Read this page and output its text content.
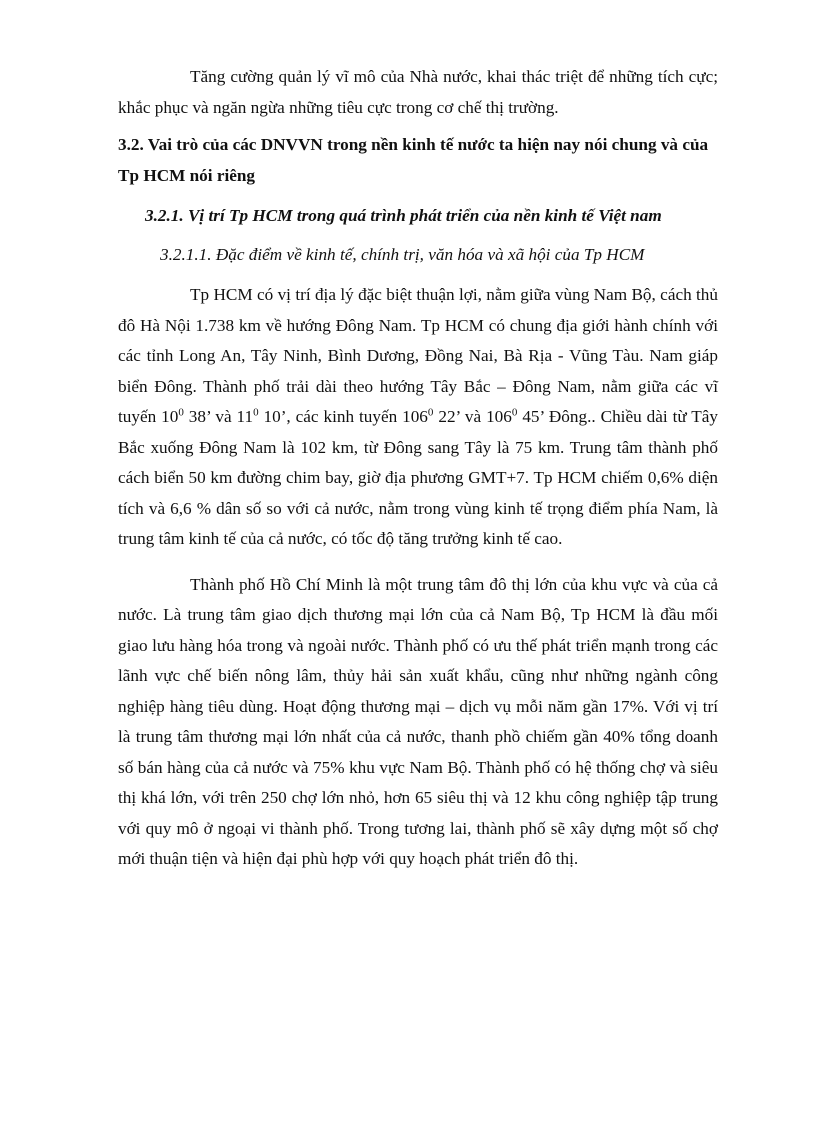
Tăng cường quản lý vĩ mô của Nhà nước, khai thác triệt để những tích cực; khắc phục và ngăn ngừa những tiêu cực trong cơ chế thị trường.

3.2. Vai trò của các DNVVN trong nền kinh tế nước ta hiện nay nói chung và của Tp HCM nói riêng

3.2.1. Vị trí Tp HCM trong quá trình phát triển của nền kinh tế Việt nam

3.2.1.1. Đặc điểm về kinh tế, chính trị, văn hóa và xã hội của Tp HCM

Tp HCM có vị trí địa lý đặc biệt thuận lợi, nằm giữa vùng Nam Bộ, cách thủ đô Hà Nội 1.738 km về hướng Đông Nam. Tp HCM có chung địa giới hành chính với các tỉnh Long An, Tây Ninh, Bình Dương, Đồng Nai, Bà Rịa - Vũng Tàu. Nam giáp biển Đông. Thành phố trải dài theo hướng Tây Bắc – Đông Nam, nằm giữa các vĩ tuyến $10^0$ 38’ và $11^0$ 10’, các kinh tuyến $106^0$ 22’ và $106^0$ 45’ Đông.. Chiều dài từ Tây Bắc xuống Đông Nam là 102 km, từ Đông sang Tây là 75 km. Trung tâm thành phố cách biển 50 km đường chim bay, giờ địa phương GMT+7. Tp HCM chiếm 0,6% diện tích và 6,6 % dân số so với cả nước, nằm trong vùng kinh tế trọng điểm phía Nam, là trung tâm kinh tế của cả nước, có tốc độ tăng trưởng kinh tế cao.

Thành phố Hồ Chí Minh là một trung tâm đô thị lớn của khu vực và của cả nước. Là trung tâm giao dịch thương mại lớn của cả Nam Bộ, Tp HCM là đầu mối giao lưu hàng hóa trong và ngoài nước. Thành phố có ưu thế phát triển mạnh trong các lãnh vực chế biến nông lâm, thủy hải sản xuất khẩu, cũng như những ngành công nghiệp hàng tiêu dùng. Hoạt động thương mại – dịch vụ mỗi năm gần 17%. Với vị trí là trung tâm thương mại lớn nhất của cả nước, thanh phồ chiếm gần 40% tổng doanh số bán hàng của cả nước và 75% khu vực Nam Bộ. Thành phố có hệ thống chợ và siêu thị khá lớn, với trên 250 chợ lớn nhỏ, hơn 65 siêu thị và 12 khu công nghiệp tập trung với quy mô ở ngoại vi thành phố. Trong tương lai, thành phố sẽ xây dựng một số chợ mới thuận tiện và hiện đại phù hợp với quy hoạch phát triển đô thị.
